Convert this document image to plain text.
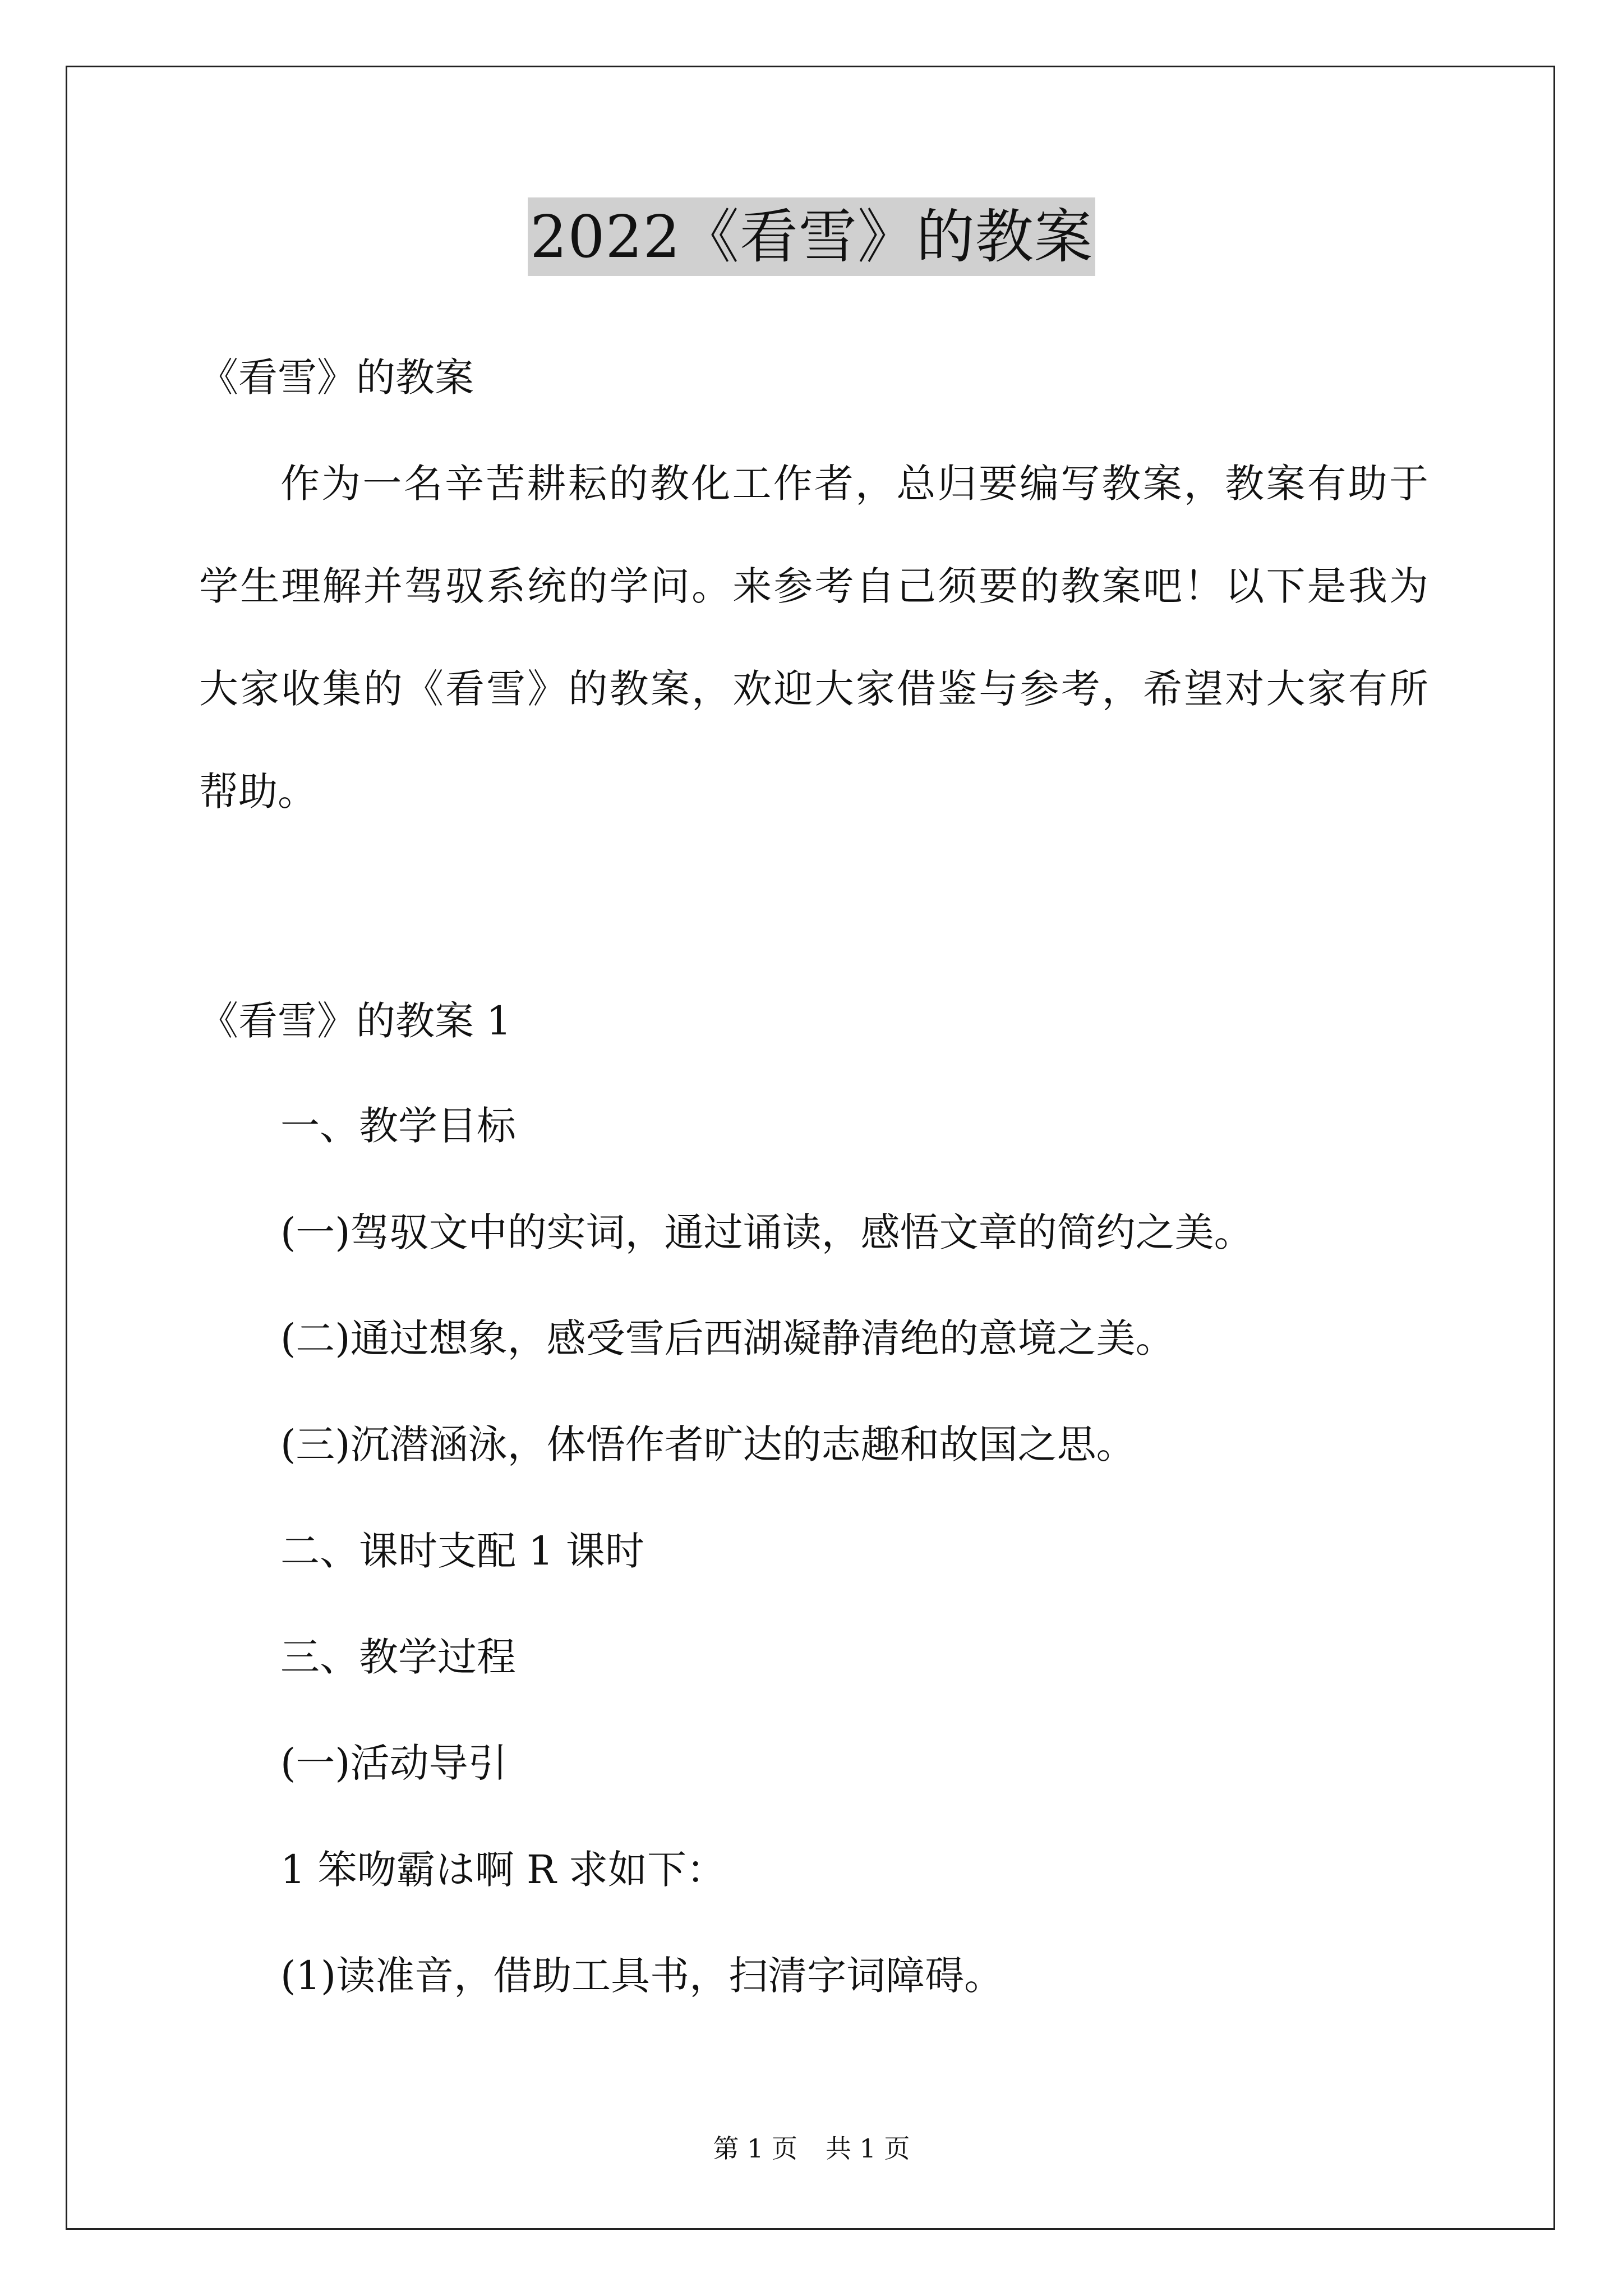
2022《看雪》的教案
《看雪》的教案
作为一名辛苦耕耘的教化工作者，总归要编写教案，教案有助于
学生理解并驾驭系统的学问。来参考自己须要的教案吧！以下是我为
大家收集的《看雪》的教案，欢迎大家借鉴与参考，希望对大家有所
帮助。
《看雪》的教案 1
一、教学目标
(一)驾驭文中的实词，通过诵读，感悟文章的简约之美。
(二)通过想象，感受雪后西湖凝静清绝的意境之美。
(三)沉潜涵泳，体悟作者旷达的志趣和故国之思。
二、课时支配 1 课时
三、教学过程
(一)活动导引
1 笨吻霸は啊 R 求如下：
(1)读准音，借助工具书，扫清字词障碍。
第 1 页 共 1 页
